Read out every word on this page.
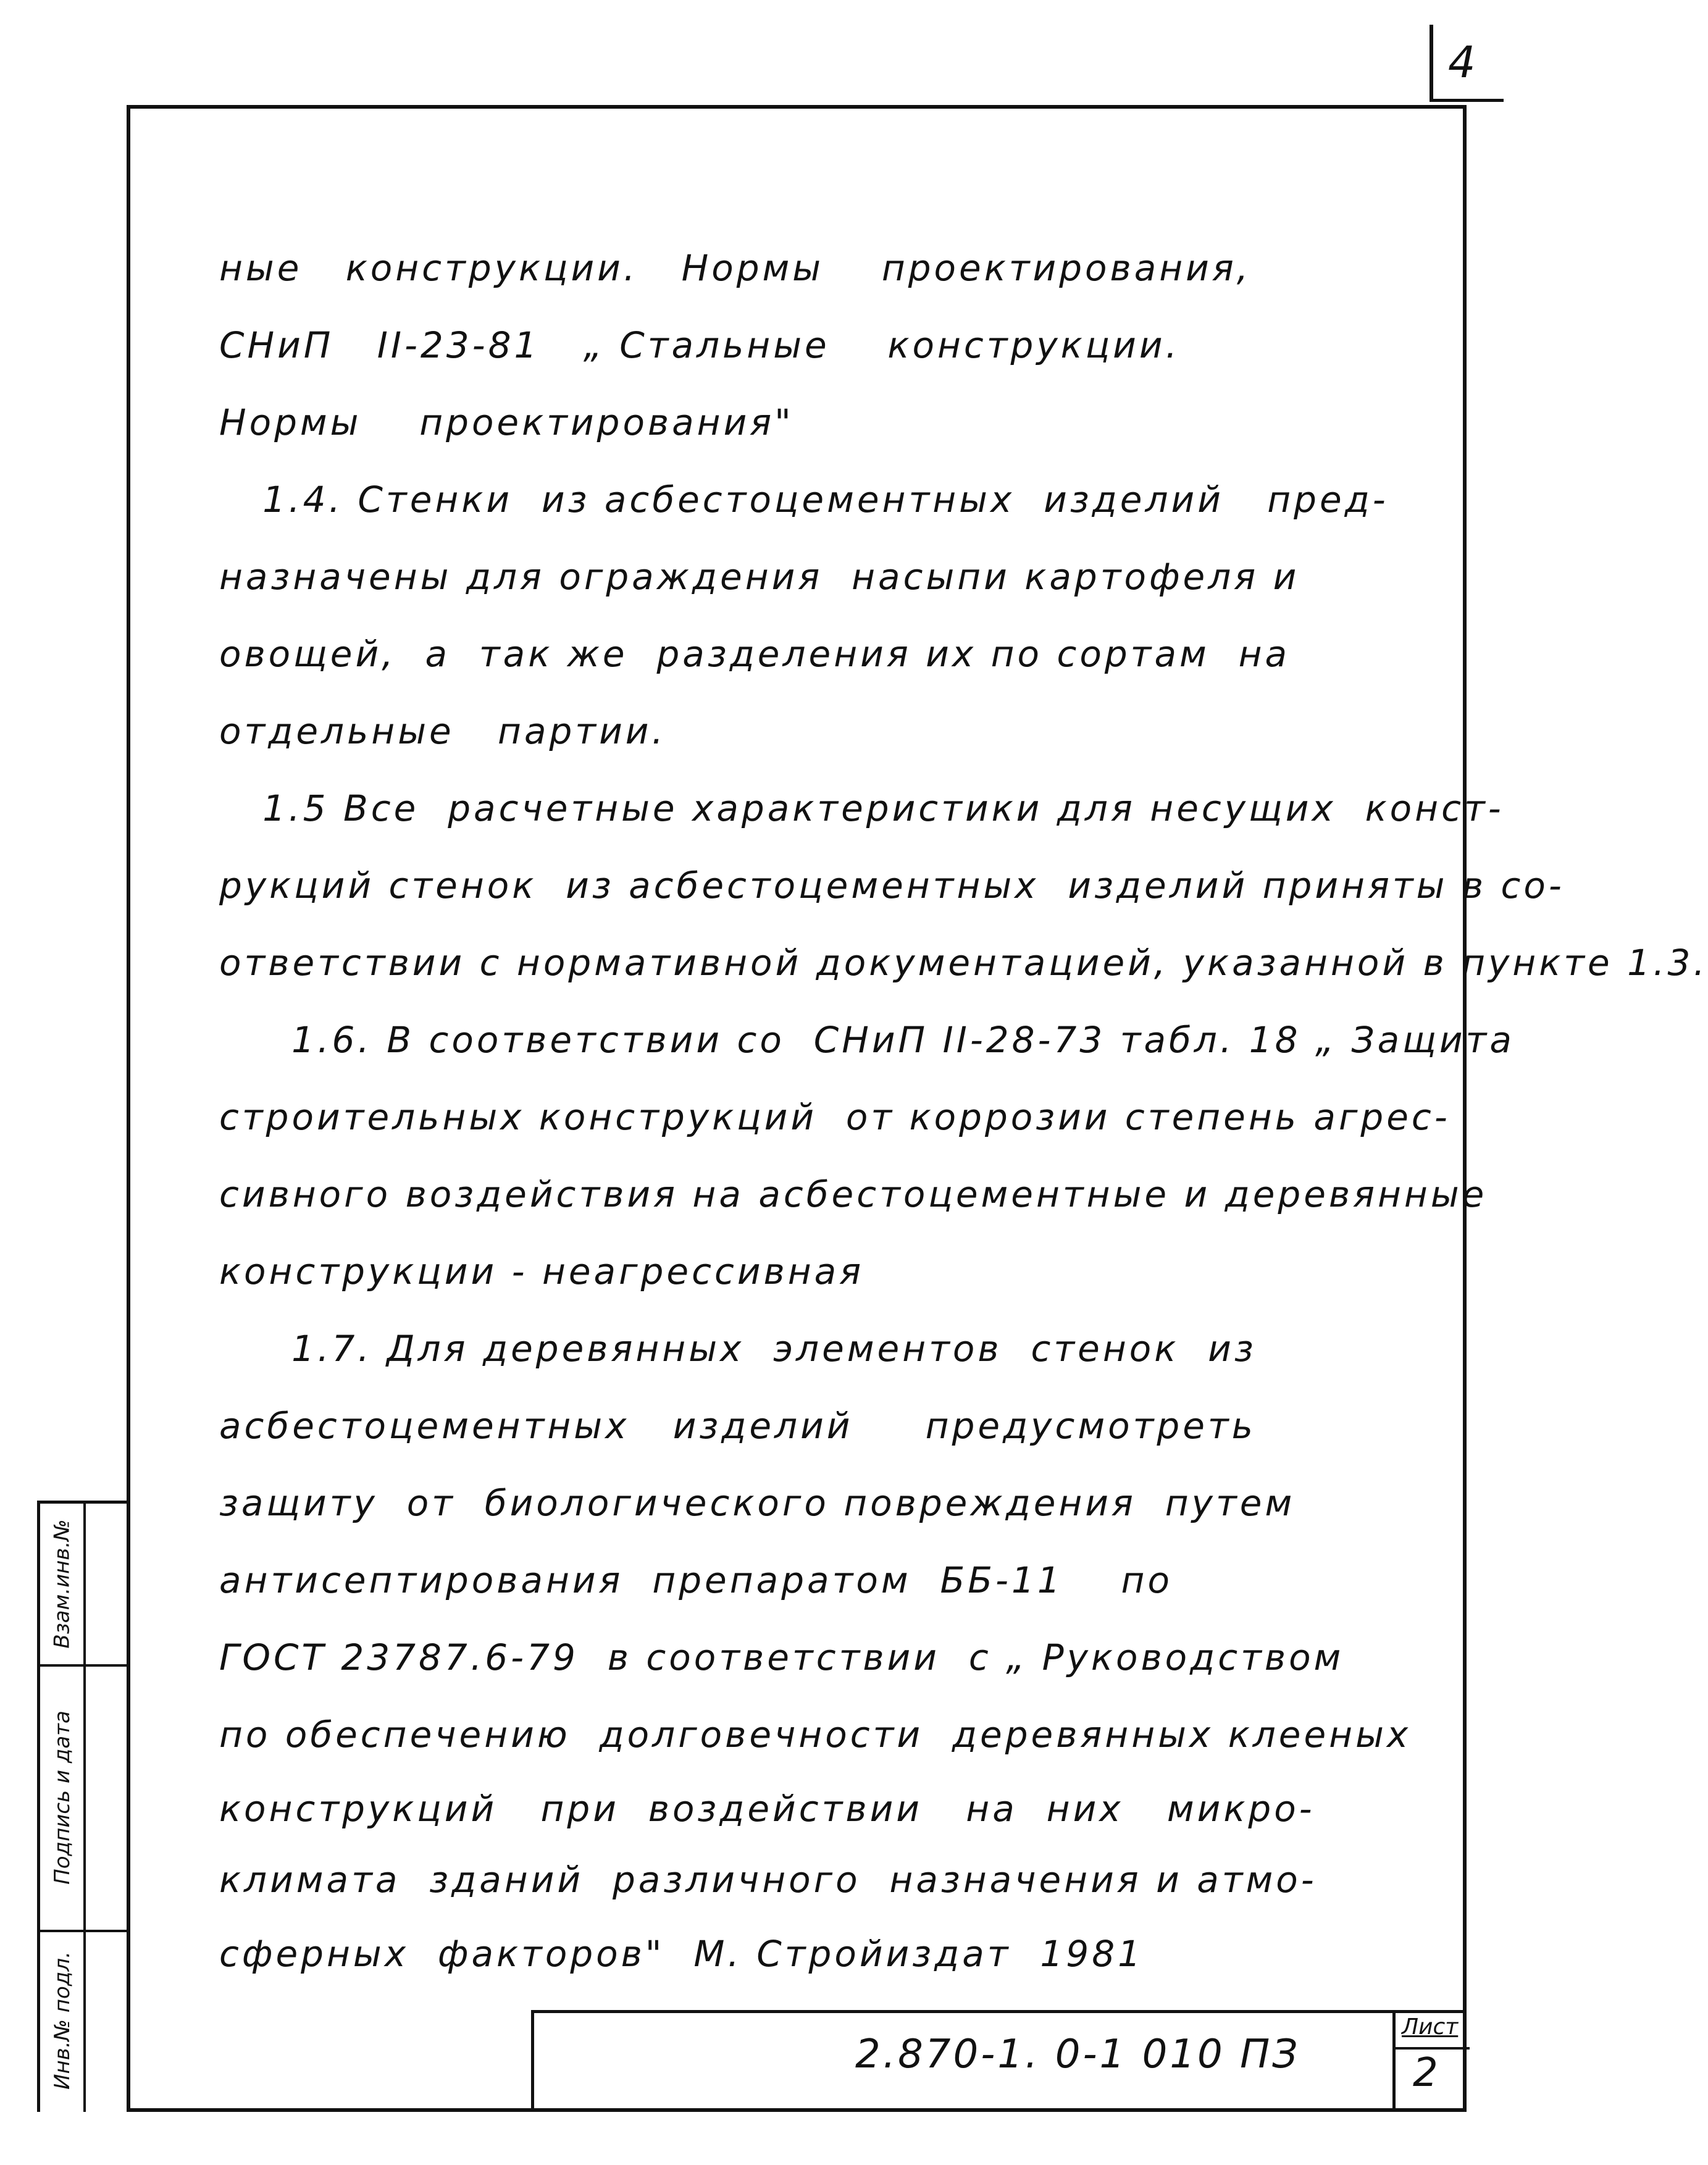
4
ные   конструкции.   Нормы    проектирования,
СНиП   II-23-81   „ Стальные    конструкции.
Нормы    проектирования"
1.4. Стенки  из асбестоцементных  изделий   пред-
назначены для ограждения  насыпи картофеля и
овощей,  а  так же  разделения их по сортам  на
отдельные   партии.
1.5 Все  расчетные характеристики для несущих  конст-
рукций стенок  из асбестоцементных  изделий приняты в со-
ответствии с нормативной документацией, указанной в пункте 1.3.
1.6. В соответствии со  СНиП II-28-73 табл. 18 „ Защита
строительных конструкций  от коррозии степень агрес-
сивного воздействия на асбестоцементные и деревянные
конструкции - неагрессивная
1.7. Для деревянных  элементов  стенок  из
асбестоцементных   изделий     предусмотреть
защиту  от  биологического повреждения  путем
антисептирования  препаратом  ББ-11    по
ГОСТ 23787.6-79  в соответствии  с „ Руководством
по обеспечению  долговечности  деревянных клееных
конструкций   при  воздействии   на  них   микро-
климата  зданий  различного  назначения и атмо-
сферных  факторов"  М. Стройиздат  1981
Взам.инв.№
Подпись и дата
Инв.№ подл.	2.870-1. 0-1 010 ПЗ
Лист
2
